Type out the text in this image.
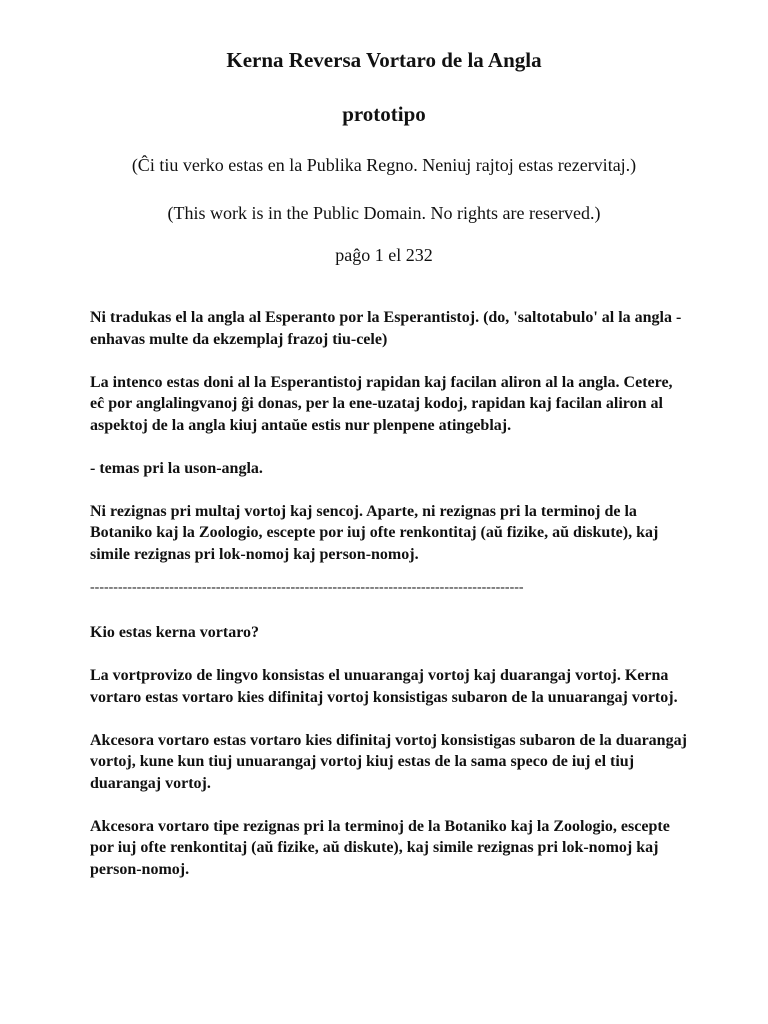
Kerna Reversa Vortaro de la Angla
prototipo
(Ĉi tiu verko estas en la Publika Regno. Neniuj rajtoj estas rezervitaj.)
(This work is in the Public Domain. No rights are reserved.)
paĝo 1 el 232

Ni tradukas el la angla al Esperanto por la Esperantistoj. (do, 'saltotabulo' al la angla - enhavas multe da ekzemplaj frazoj tiu-cele)

La intenco estas doni al la Esperantistoj rapidan kaj facilan aliron al la angla. Cetere, eĉ por anglalingvanoj ĝi donas, per la ene-uzataj kodoj, rapidan kaj facilan aliron al aspektoj de la angla kiuj antaŭe estis nur plenpene atingeblaj.

- temas pri la uson-angla.

Ni rezignas pri multaj vortoj kaj sencoj. Aparte, ni rezignas pri la terminoj de la Botaniko kaj la Zoologio, escepte por iuj ofte renkontitaj (aŭ fizike, aŭ diskute), kaj simile rezignas pri lok-nomoj kaj person-nomoj.

---------------------------------------------------------------------------------------------

Kio estas kerna vortaro?

La vortprovizo de lingvo konsistas el unuarangaj vortoj kaj duarangaj vortoj. Kerna vortaro estas vortaro kies difinitaj vortoj konsistigas subaron de la unuarangaj vortoj.

Akcesora vortaro estas vortaro kies difinitaj vortoj konsistigas subaron de la duarangaj vortoj, kune kun tiuj unuarangaj vortoj kiuj estas de la sama speco de iuj el tiuj duarangaj vortoj.

Akcesora vortaro tipe rezignas pri la terminoj de la Botaniko kaj la Zoologio, escepte por iuj ofte renkontitaj (aŭ fizike, aŭ diskute), kaj simile rezignas pri lok-nomoj kaj person-nomoj.
